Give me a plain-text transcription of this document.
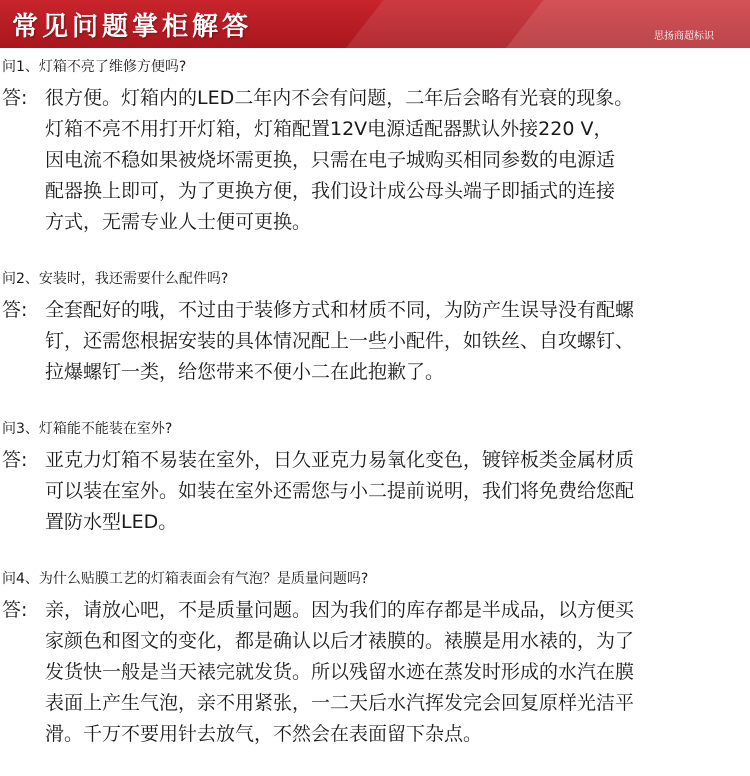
常见问题掌柜解答	思扬商超标识
问1、灯箱不亮了维修方便吗?
答: 很方便。灯箱内的LED二年内不会有问题，二年后会略有光衰的现象。
灯箱不亮不用打开灯箱，灯箱配置12V电源适配器默认外接220 V，
因电流不稳如果被烧坏需更换，只需在电子城购买相同参数的电源适
配器换上即可，为了更换方便，我们设计成公母头端子即插式的连接
方式，无需专业人士便可更换。
问2、安装时，我还需要什么配件吗?
答: 全套配好的哦，不过由于装修方式和材质不同，为防产生误导没有配螺
钉，还需您根据安装的具体情况配上一些小配件，如铁丝、自攻螺钉、
拉爆螺钉一类，给您带来不便小二在此抱歉了。
问3、灯箱能不能装在室外?
答: 亚克力灯箱不易装在室外，日久亚克力易氧化变色，镀锌板类金属材质
可以装在室外。如装在室外还需您与小二提前说明，我们将免费给您配
置防水型LED。
问4、为什么贴膜工艺的灯箱表面会有气泡？是质量问题吗?
答: 亲，请放心吧，不是质量问题。因为我们的库存都是半成品，以方便买
家颜色和图文的变化，都是确认以后才裱膜的。裱膜是用水裱的，为了
发货快一般是当天裱完就发货。所以残留水迹在蒸发时形成的水汽在膜
表面上产生气泡，亲不用紧张，一二天后水汽挥发完会回复原样光洁平
滑。千万不要用针去放气，不然会在表面留下杂点。
